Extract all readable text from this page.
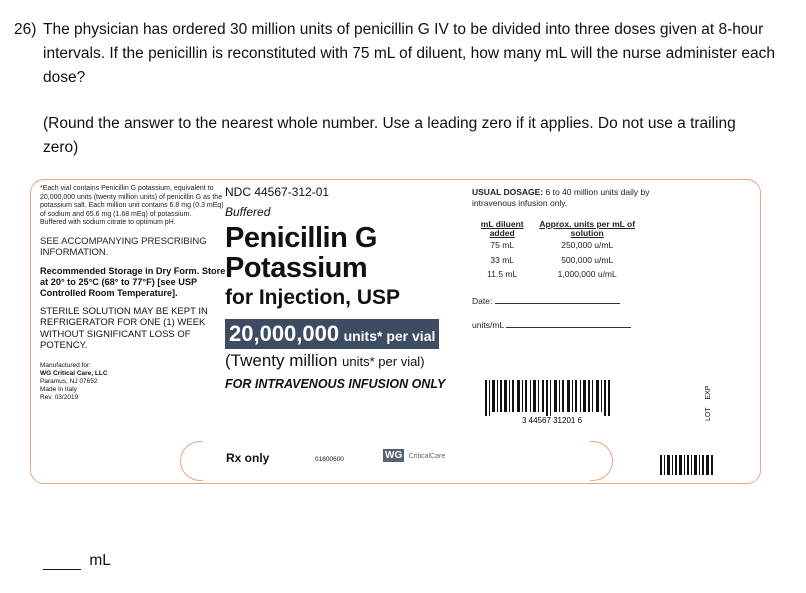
26) The physician has ordered 30 million units of penicillin G IV to be divided into three doses given at 8-hour intervals. If the penicillin is reconstituted with 75 mL of diluent, how many mL will the nurse administer each dose?
(Round the answer to the nearest whole number. Use a leading zero if it applies. Do not use a trailing zero)
*Each vial contains Penicillin G potassium, equivalent to 20,000,000 units (twenty million units) of penicillin G as the potassium salt. Each million unit contains 6.8 mg (0.3 mEq) of sodium and 65.6 mg (1.68 mEq) of potassium.
Buffered with sodium citrate to optimum pH.
SEE ACCOMPANYING PRESCRIBING INFORMATION.
Recommended Storage in Dry Form. Store at 20° to 25°C (68° to 77°F) [see USP Controlled Room Temperature].
STERILE SOLUTION MAY BE KEPT IN REFRIGERATOR FOR ONE (1) WEEK WITHOUT SIGNIFICANT LOSS OF POTENCY.
Manufactured for:
WG Critical Care, LLC
Paramus, NJ 07652
Made in Italy
Rev. 03/2019
NDC 44567-312-01
Buffered
Penicillin G
Potassium
for Injection, USP
20,000,000 units* per vial
(Twenty million units* per vial)
FOR INTRAVENOUS INFUSION ONLY
USUAL DOSAGE: 6 to 40 million units daily by intravenous infusion only.
mL diluent added	Approx. units per mL of solution
75 mL	250,000 u/mL
33 mL	500,000 u/mL
11.5 mL	1,000,000 u/mL
Date:
units/mL
3 44567 31201 6	LOT    EXP
Rx only	01600600	WG CriticalCare
mL
